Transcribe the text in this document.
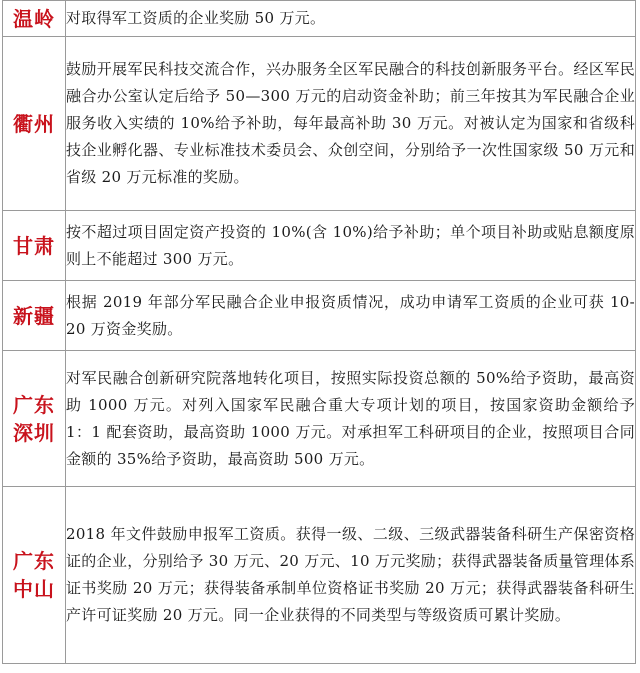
温岭	对取得军工资质的企业奖励 50 万元。

衢州	鼓励开展军民科技交流合作，兴办服务全区军民融合的科技创新服务平台。经区军民融合办公室认定后给予 50—300 万元的启动资金补助；前三年按其为军民融合企业服务收入实绩的 10%给予补助，每年最高补助 30 万元。对被认定为国家和省级科技企业孵化器、专业标准技术委员会、众创空间，分别给予一次性国家级 50 万元和省级 20 万元标准的奖励。

甘肃	按不超过项目固定资产投资的 10%(含 10%)给予补助；单个项目补助或贴息额度原则上不能超过 300 万元。

新疆	根据 2019 年部分军民融合企业申报资质情况，成功申请军工资质的企业可获 10-20 万资金奖励。

广东
深圳	对军民融合创新研究院落地转化项目，按照实际投资总额的 50%给予资助，最高资助 1000 万元。对列入国家军民融合重大专项计划的项目，按国家资助金额给予 1：1 配套资助，最高资助 1000 万元。对承担军工科研项目的企业，按照项目合同金额的 35%给予资助，最高资助 500 万元。

广东
中山	2018 年文件鼓励申报军工资质。获得一级、二级、三级武器装备科研生产保密资格证的企业，分别给予 30 万元、20 万元、10 万元奖励；获得武器装备质量管理体系证书奖励 20 万元；获得装备承制单位资格证书奖励 20 万元；获得武器装备科研生产许可证奖励 20 万元。同一企业获得的不同类型与等级资质可累计奖励。
